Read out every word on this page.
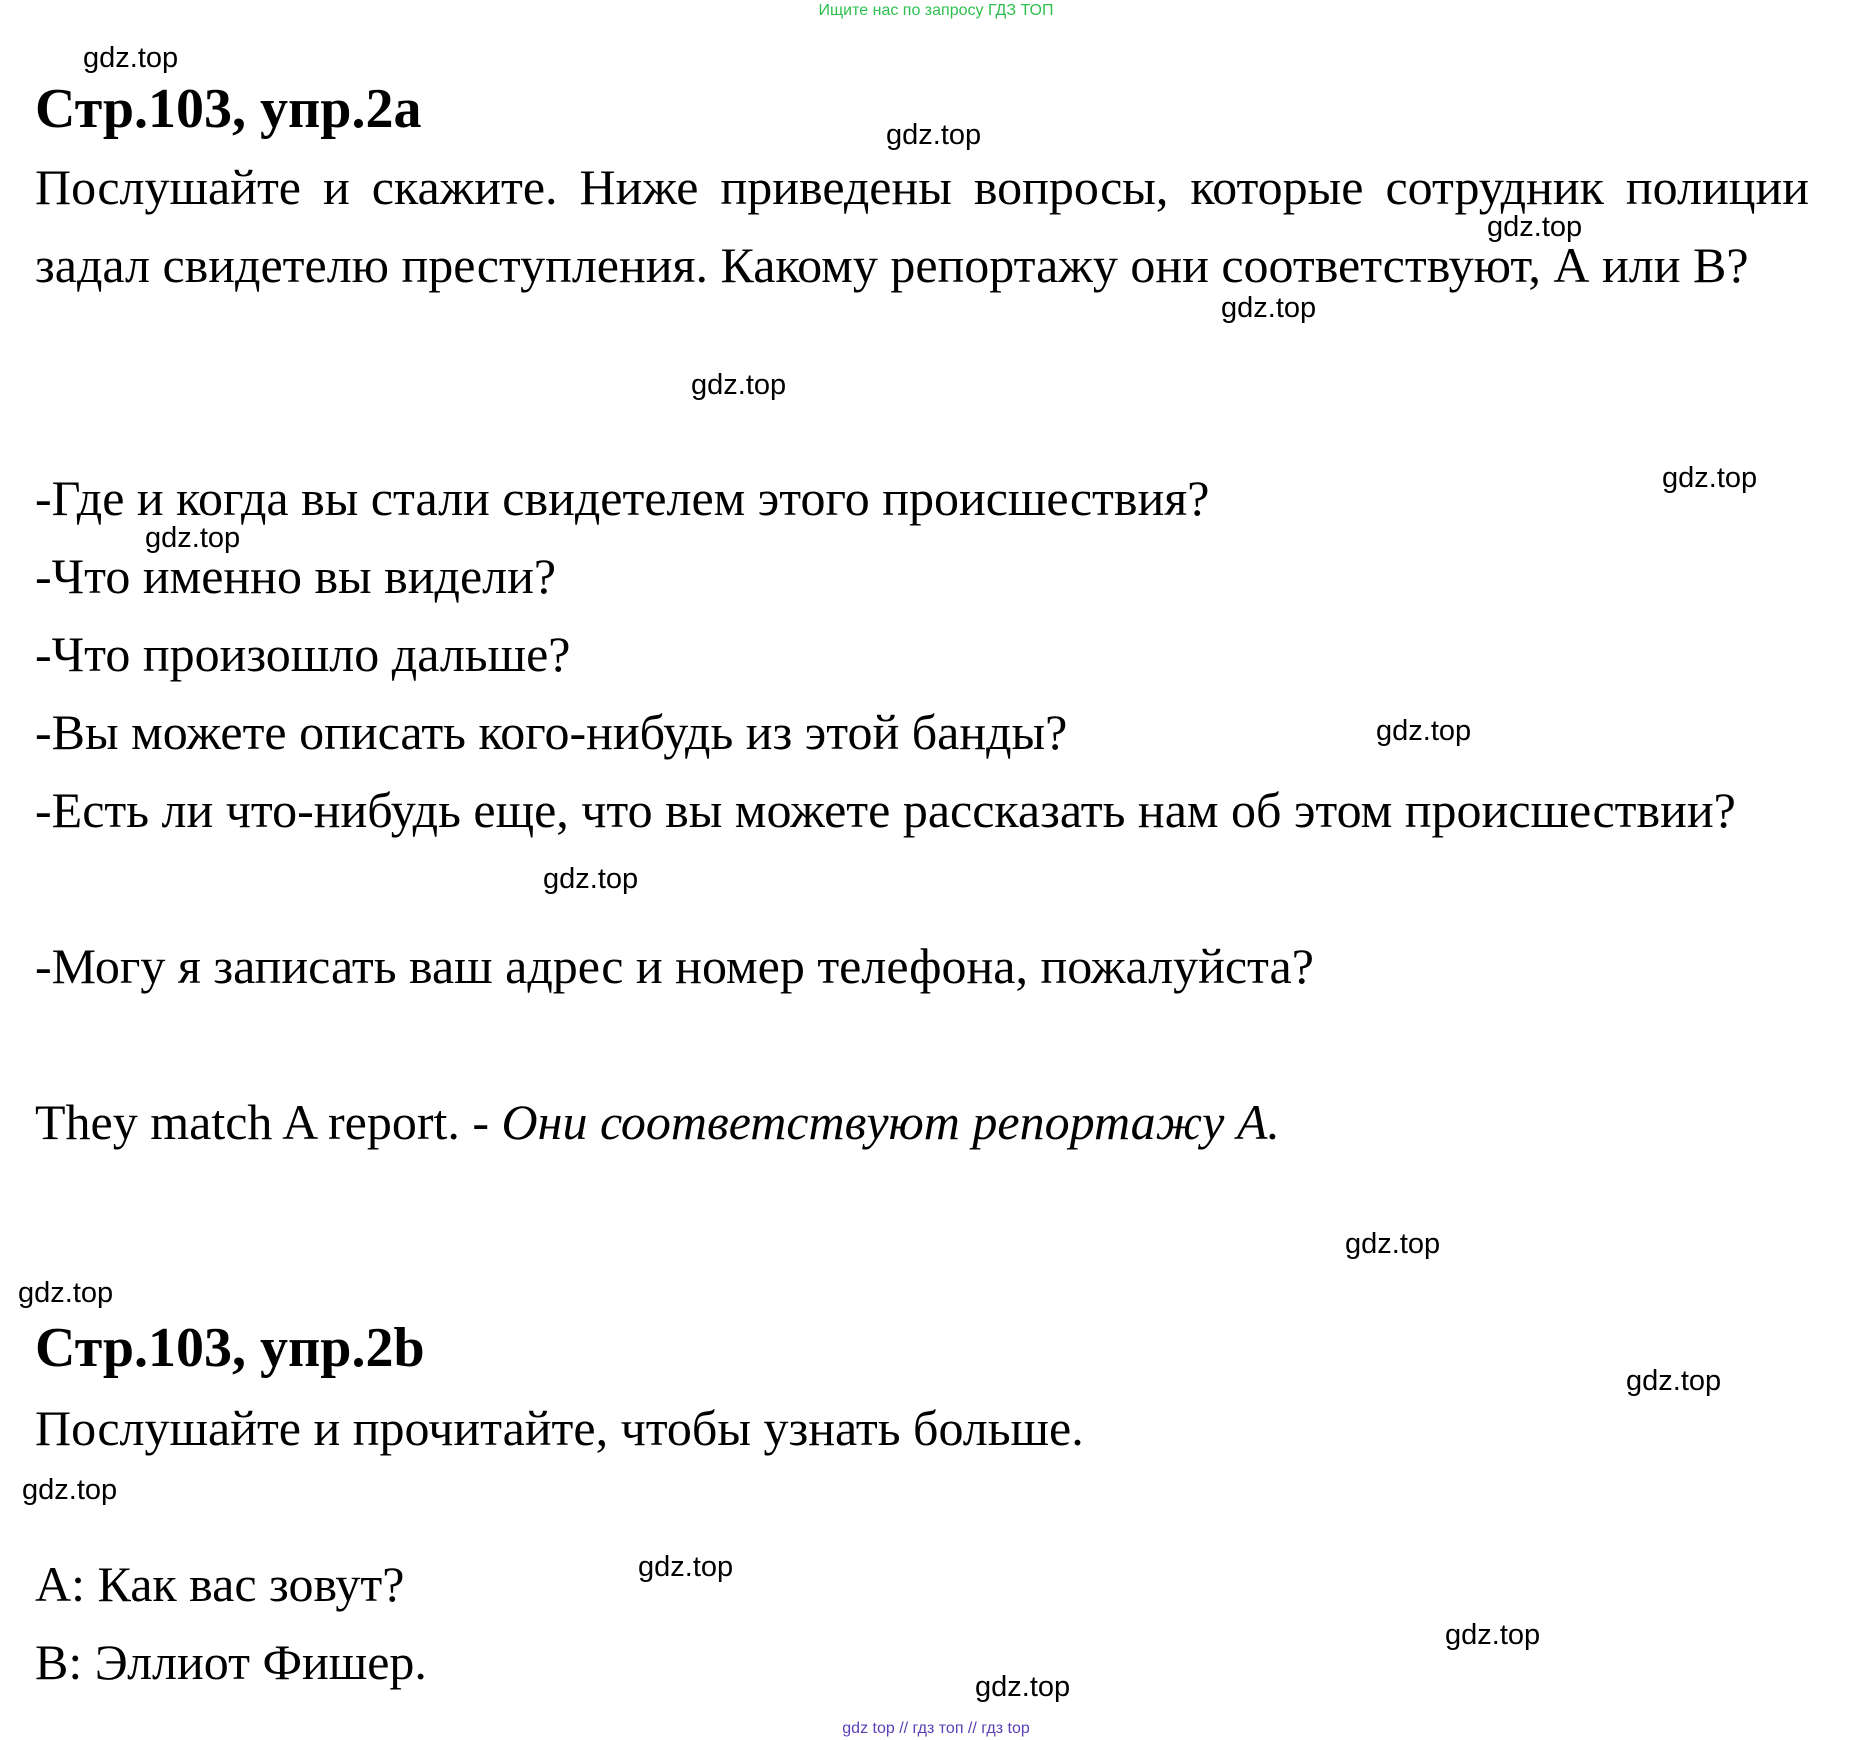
Ищите нас по запросу ГДЗ ТОП
Стр.103, упр.2a
Послушайте и скажите. Ниже приведены вопросы, которые сотрудник полиции задал свидетелю преступления. Какому репортажу они соответствуют, А или В?
-Где и когда вы стали свидетелем этого происшествия?
-Что именно вы видели?
-Что произошло дальше?
-Вы можете описать кого-нибудь из этой банды?
-Есть ли что-нибудь еще, что вы можете рассказать нам об этом происшествии?
-Могу я записать ваш адрес и номер телефона, пожалуйста?
They match A report. - Они соответствуют репортажу А.
Стр.103, упр.2b
Послушайте и прочитайте, чтобы узнать больше.
А: Как вас зовут?
В: Эллиот Фишер.
gdz.top
gdz.top
gdz.top
gdz.top
gdz.top
gdz.top
gdz.top
gdz.top
gdz.top
gdz.top
gdz.top
gdz.top
gdz.top
gdz.top
gdz.top
gdz.top
gdz top // гдз топ // гдз top
